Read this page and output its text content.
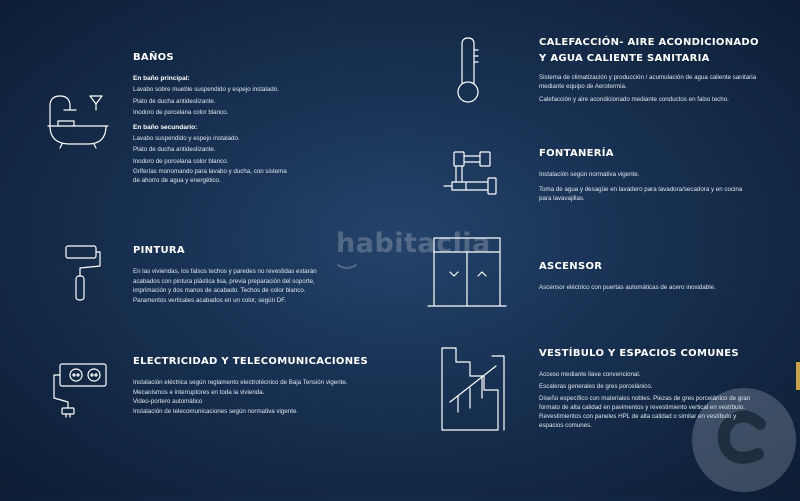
habitaclia
BAÑOS
En baño principal:
Lavabo sobre mueble suspendido y espejo instalado.
Plato de ducha antideslizante.
Inodoro de porcelana color blanco.
En baño secundario:
Lavabo suspendido y espejo instalado.
Plato de ducha antideslizante.
Inodoro de porcelana color blanco.
Griferías monomando para lavabo y ducha, con sistema
de ahorro de agua y energético.
PINTURA
En las viviendas, los falsos techos y paredes no revestidas estarán
acabados con pintura plástica lisa, previa preparación del soporte,
imprimación y dos manos de acabado. Techos de color blanco.
Paramentos verticales acabados en un color, según DF.
ELECTRICIDAD Y TELECOMUNICACIONES
Instalación eléctrica según reglamento electrotécnico de Baja Tensión vigente.
Mecanismos e interruptores en toda la vivienda.
Video-portero automático
Instalación de telecomunicaciones según normativa vigente.
CALEFACCIÓN- AIRE ACONDICIONADO
Y AGUA CALIENTE SANITARIA
Sistema de climatización y producción / acumulación de agua caliente sanitaria
mediante equipo de Aerotermia.
Calefacción y aire acondicionado mediante conductos en falso techo.
FONTANERÍA
Instalación según normativa vigente.
Toma de agua y desagüe en lavadero para lavadora/secadora y en cocina
para lavavajillas.
ASCENSOR
Ascensor eléctrico con puertas automáticas de acero inoxidable.
VESTÍBULO Y ESPACIOS COMUNES
Acceso mediante llave convencional.
Escaleras generales de gres porcelánico.
Diseño específico con materiales nobles. Piezas de gres porcelánico de gran
formato de alta calidad en pavimentos y revestimiento vertical en vestíbulo.
Revestimientos con paneles HPL de alta calidad o similar en vestíbulo y
espacios comunes.
